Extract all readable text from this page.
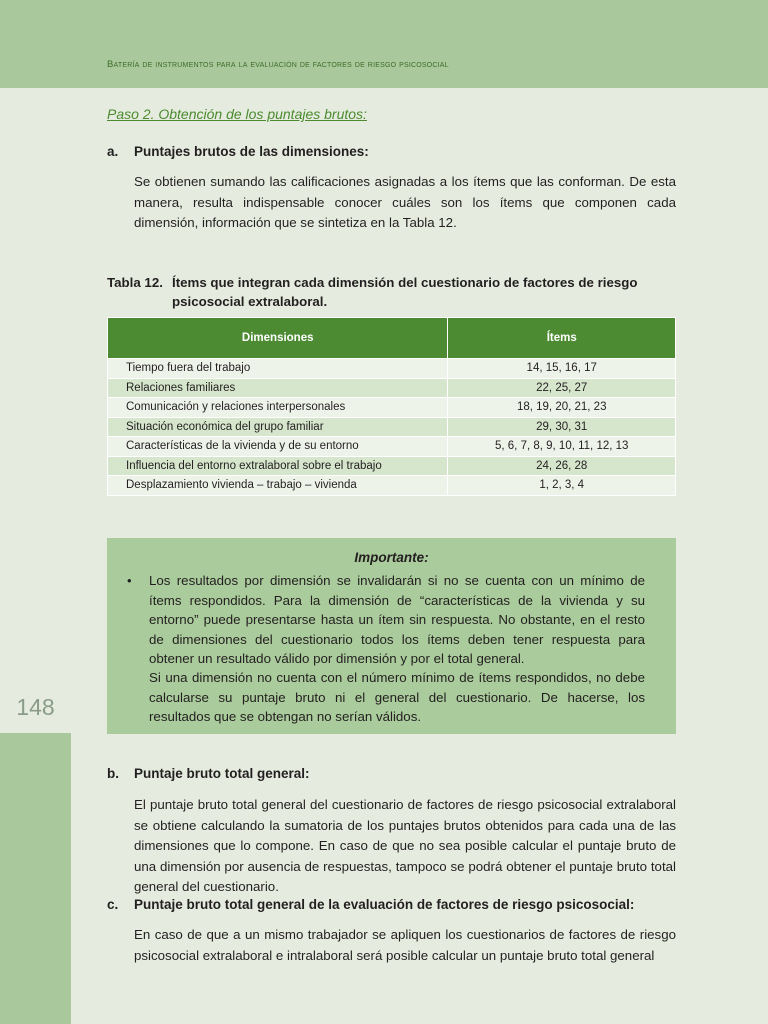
Batería de instrumentos para la evaluación de factores de riesgo psicosocial
148
Paso 2. Obtención de los puntajes brutos:
a. Puntajes brutos de las dimensiones:
Se obtienen sumando las calificaciones asignadas a los ítems que las conforman. De esta manera, resulta indispensable conocer cuáles son los ítems que componen cada dimensión, información que se sintetiza en la Tabla 12.
Tabla 12. Ítems que integran cada dimensión del cuestionario de factores de riesgo
psicosocial extralaboral.
Dimensiones	Ítems
Tiempo fuera del trabajo	14, 15, 16, 17
Relaciones familiares	22, 25, 27
Comunicación y relaciones interpersonales	18, 19, 20, 21, 23
Situación económica del grupo familiar	29, 30, 31
Características de la vivienda y de su entorno	5, 6, 7, 8, 9, 10, 11, 12, 13
Influencia del entorno extralaboral sobre el trabajo	24, 26, 28
Desplazamiento vivienda – trabajo – vivienda	1, 2, 3, 4
Importante:
• Los resultados por dimensión se invalidarán si no se cuenta con un mínimo de ítems respondidos. Para la dimensión de “características de la vivienda y su entorno” puede presentarse hasta un ítem sin respuesta. No obstante, en el resto de dimensiones del cuestionario todos los ítems deben tener respuesta para obtener un resultado válido por dimensión y por el total general.
Si una dimensión no cuenta con el número mínimo de ítems respondidos, no debe calcularse su puntaje bruto ni el general del cuestionario. De hacerse, los resultados que se obtengan no serían válidos.
b. Puntaje bruto total general:
El puntaje bruto total general del cuestionario de factores de riesgo psicosocial extralaboral se obtiene calculando la sumatoria de los puntajes brutos obtenidos para cada una de las dimensiones que lo compone. En caso de que no sea posible calcular el puntaje bruto de una dimensión por ausencia de respuestas, tampoco se podrá obtener el puntaje bruto total general del cuestionario.
c. Puntaje bruto total general de la evaluación de factores de riesgo psicosocial:
En caso de que a un mismo trabajador se apliquen los cuestionarios de factores de riesgo psicosocial extralaboral e intralaboral será posible calcular un puntaje bruto total general
